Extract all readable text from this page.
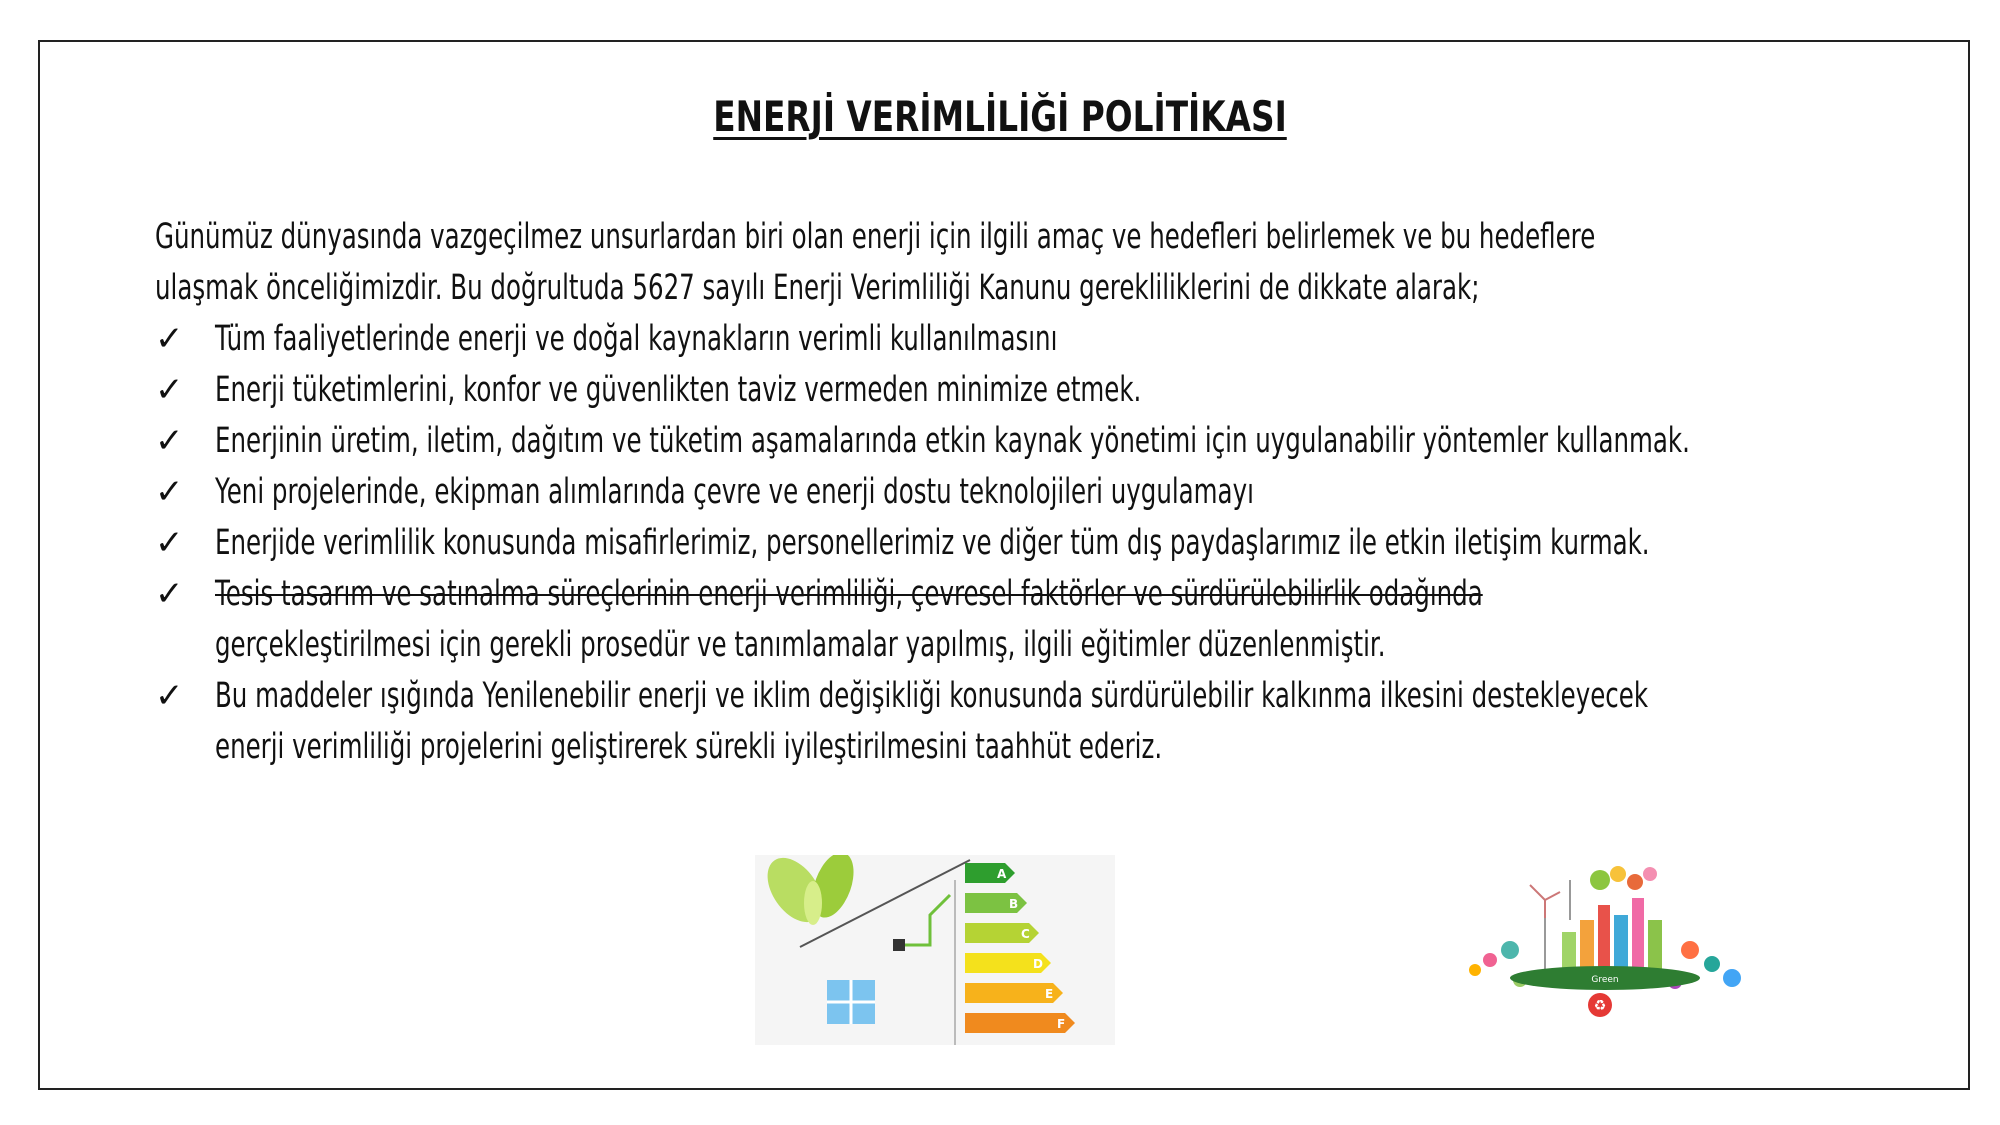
ENERJİ VERİMLİLİĞİ POLİTİKASI
Günümüz dünyasında vazgeçilmez unsurlardan biri olan enerji için ilgili amaç ve hedefleri belirlemek ve bu hedeflere
ulaşmak önceliğimizdir. Bu doğrultuda 5627 sayılı Enerji Verimliliği Kanunu gerekliliklerini de dikkate alarak;
✓ Tüm faaliyetlerinde enerji ve doğal kaynakların verimli kullanılmasını
✓ Enerji tüketimlerini, konfor ve güvenlikten taviz vermeden minimize etmek.
✓ Enerjinin üretim, iletim, dağıtım ve tüketim aşamalarında etkin kaynak yönetimi için uygulanabilir yöntemler kullanmak.
✓ Yeni projelerinde, ekipman alımlarında çevre ve enerji dostu teknolojileri uygulamayı
✓ Enerjide verimlilik konusunda misafirlerimiz, personellerimiz ve diğer tüm dış paydaşlarımız ile etkin iletişim kurmak.
✓ Tesis tasarım ve satınalma süreçlerinin enerji verimliliği, çevresel faktörler ve sürdürülebilirlik odağında
gerçekleştirilmesi için gerekli prosedür ve tanımlamalar yapılmış, ilgili eğitimler düzenlenmiştir.
✓ Bu maddeler ışığında Yenilenebilir enerji ve iklim değişikliği konusunda sürdürülebilir kalkınma ilkesini destekleyecek
enerji verimliliği projelerini geliştirerek sürekli iyileştirilmesini taahhüt ederiz.
A
B
C
D
E
F
Green
♻
